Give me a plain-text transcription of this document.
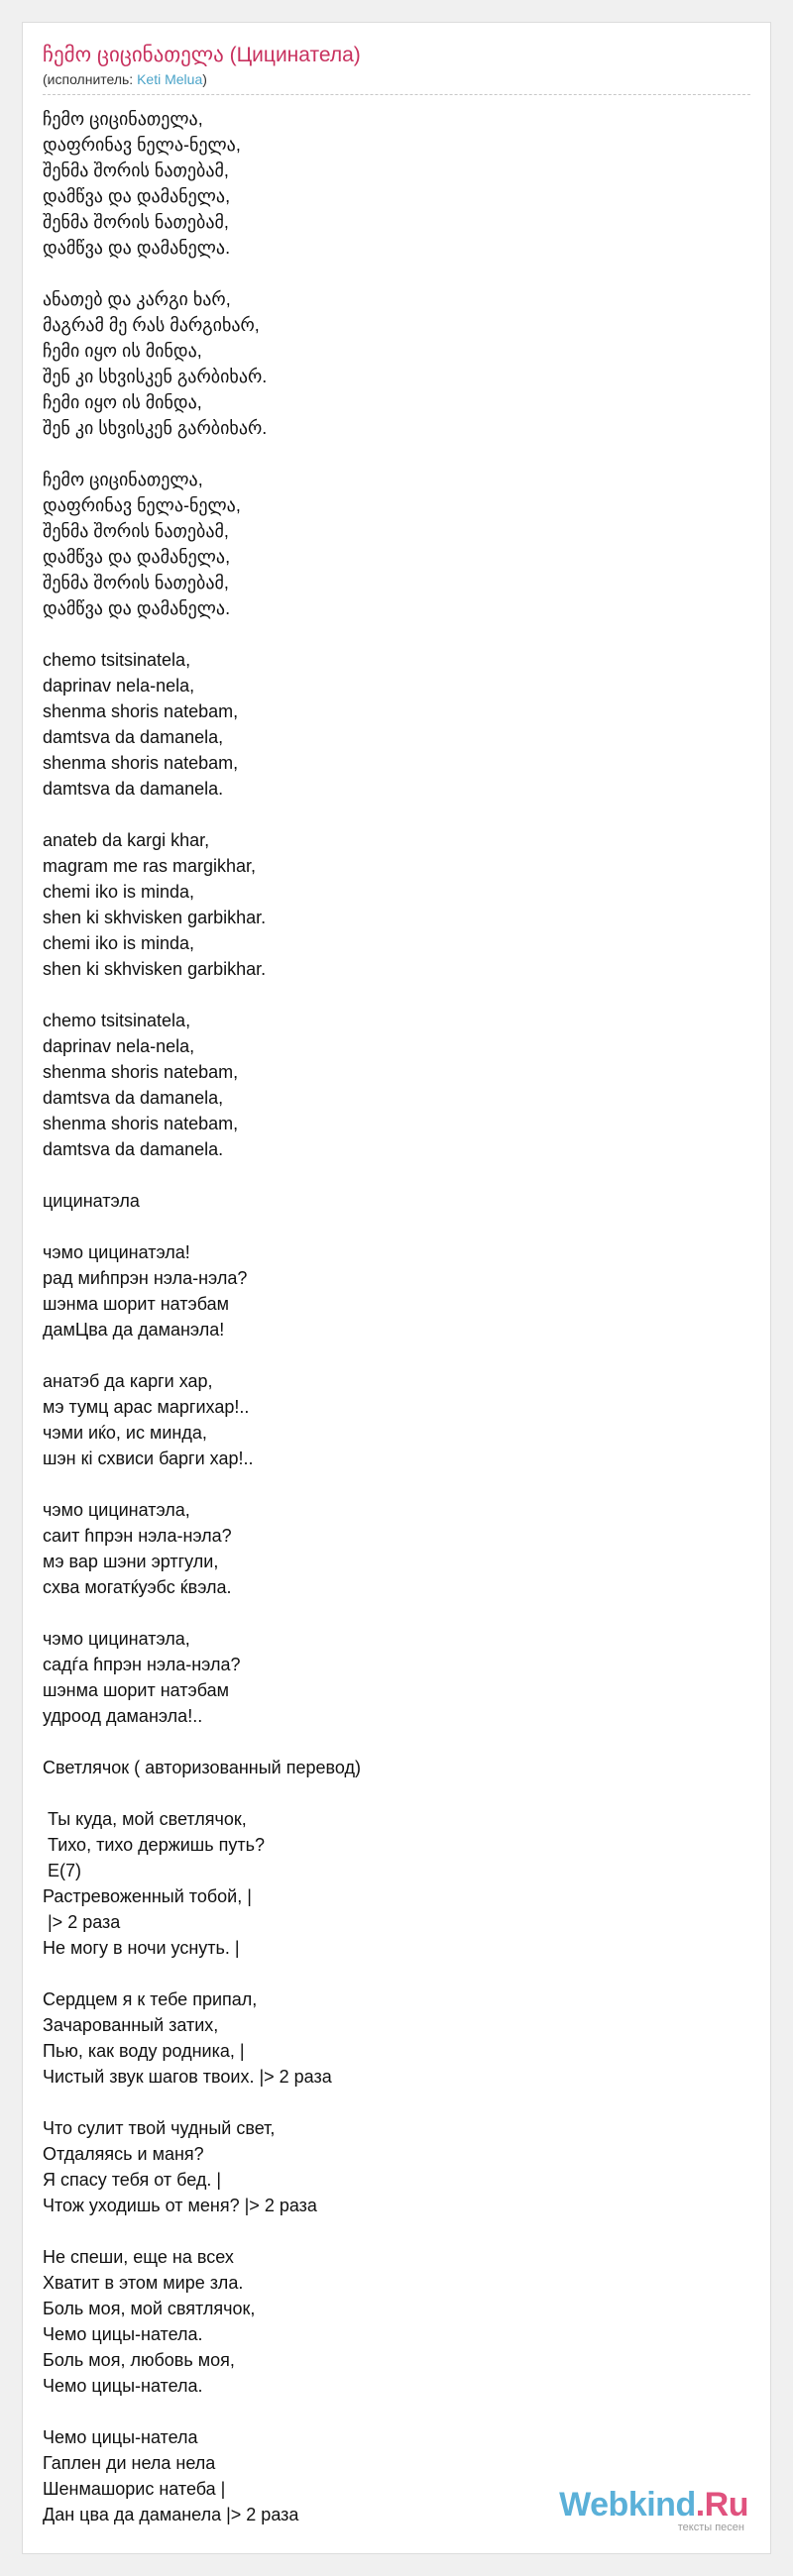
ჩემო ციცინათელა (Цицинатела)
(исполнитель: Keti Melua)
ჩემო ციცინათელა,
დაფრინავ ნელა-ნელა,
შენმა შორის ნათებამ,
დამწვა და დამანელა,
შენმა შორის ნათებამ,
დამწვა და დამანელა.
ანათებ და კარგი ხარ,
მაგრამ მე რას მარგიხარ,
ჩემი იყო ის მინდა,
შენ კი სხვისკენ გარბიხარ.
ჩემი იყო ის მინდა,
შენ კი სხვისკენ გარბიხარ.
ჩემო ციცინათელა,
დაფრინავ ნელა-ნელა,
შენმა შორის ნათებამ,
დამწვა და დამანელა,
შენმა შორის ნათებამ,
დამწვა და დამანელა.
chemo tsitsinatela,
daprinav nela-nela,
shenma shoris natebam,
damtsva da damanela,
shenma shoris natebam,
damtsva da damanela.
anateb da kargi khar,
magram me ras margikhar,
chemi iko is minda,
shen ki skhvisken garbikhar.
chemi iko is minda,
shen ki skhvisken garbikhar.
chemo tsitsinatela,
daprinav nela-nela,
shenma shoris natebam,
damtsva da damanela,
shenma shoris natebam,
damtsva da damanela.
цицинатэла
чэмо цицинатэла!
рад миɦпрэн нэла-нэла?
шэнма шорит натэбам
дамЦва да даманэла!
анатэб да карги хар,
мэ тумц арас маргихар!..
чэми иќо, ис минда,
шэн кі схвиси барги хар!..
чэмо цицинатэла,
саит ɦпрэн нэла-нэла?
мэ вар шэни эртгули,
схва могатќуэбс ќвэла.
чэмо цицинатэла,
садѓа ɦпрэн нэла-нэла?
шэнма шорит натэбам
удроод даманэла!..
Светлячок ( авторизованный перевод)
Ты куда, мой светлячок,
Тихо, тихо держишь путь?
E(7)
Растревоженный тобой, |
|> 2 раза
Не могу в ночи уснуть. |
Сердцем я к тебе припал,
Зачарованный затих,
Пью, как воду родника, |
Чистый звук шагов твоих. |> 2 раза
Что сулит твой чудный свет,
Отдаляясь и маня?
Я спасу тебя от бед. |
Чтож уходишь от меня? |> 2 раза
Не спеши, еще на всех
Хватит в этом мире зла.
Боль моя, мой святлячок,
Чемо цицы-натела.
Боль моя, любовь моя,
Чемо цицы-натела.
Чемо цицы-натела
Гаплен ди нела нела
Шенмашорис натеба |
Дан цва да даманела |> 2 раза	Webkind.Ru
тексты песен
